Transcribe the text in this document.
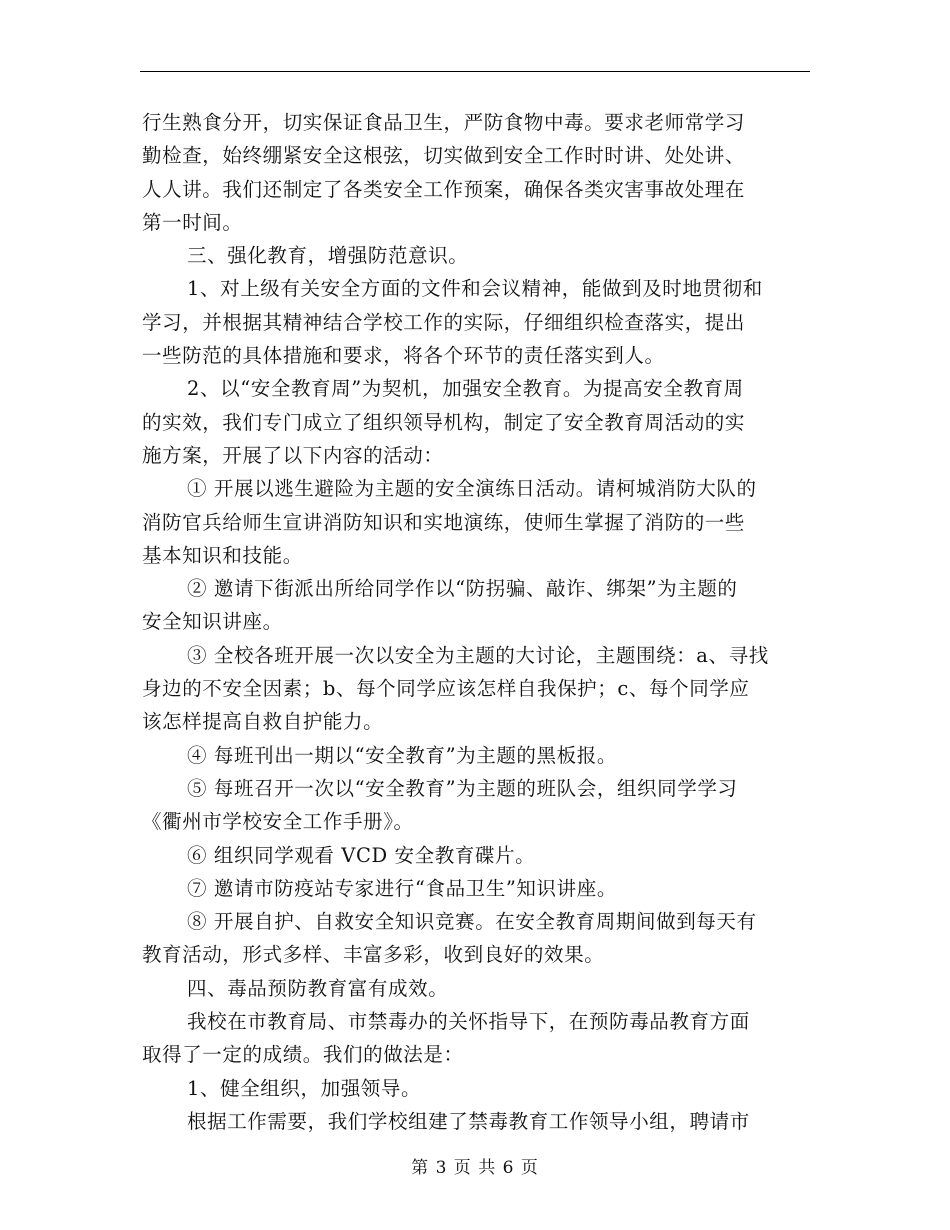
行生熟食分开，切实保证食品卫生，严防食物中毒。要求老师常学习
勤检查，始终绷紧安全这根弦，切实做到安全工作时时讲、处处讲、
人人讲。我们还制定了各类安全工作预案，确保各类灾害事故处理在
第一时间。
三、强化教育，增强防范意识。
1、对上级有关安全方面的文件和会议精神，能做到及时地贯彻和
学习，并根据其精神结合学校工作的实际，仔细组织检查落实，提出
一些防范的具体措施和要求，将各个环节的责任落实到人。
2、以“安全教育周”为契机，加强安全教育。为提高安全教育周
的实效，我们专门成立了组织领导机构，制定了安全教育周活动的实
施方案，开展了以下内容的活动：
① 开展以逃生避险为主题的安全演练日活动。请柯城消防大队的
消防官兵给师生宣讲消防知识和实地演练，使师生掌握了消防的一些
基本知识和技能。
② 邀请下街派出所给同学作以“防拐骗、敲诈、绑架”为主题的
安全知识讲座。
③ 全校各班开展一次以安全为主题的大讨论，主题围绕：a、寻找
身边的不安全因素；b、每个同学应该怎样自我保护；c、每个同学应
该怎样提高自救自护能力。
④ 每班刊出一期以“安全教育”为主题的黑板报。
⑤ 每班召开一次以“安全教育”为主题的班队会，组织同学学习
《衢州市学校安全工作手册》。
⑥ 组织同学观看 VCD 安全教育碟片。
⑦ 邀请市防疫站专家进行“食品卫生”知识讲座。
⑧ 开展自护、自救安全知识竞赛。在安全教育周期间做到每天有
教育活动，形式多样、丰富多彩，收到良好的效果。
四、毒品预防教育富有成效。
我校在市教育局、市禁毒办的关怀指导下，在预防毒品教育方面
取得了一定的成绩。我们的做法是：
1、健全组织，加强领导。
根据工作需要，我们学校组建了禁毒教育工作领导小组，聘请市
第 3 页 共 6 页
